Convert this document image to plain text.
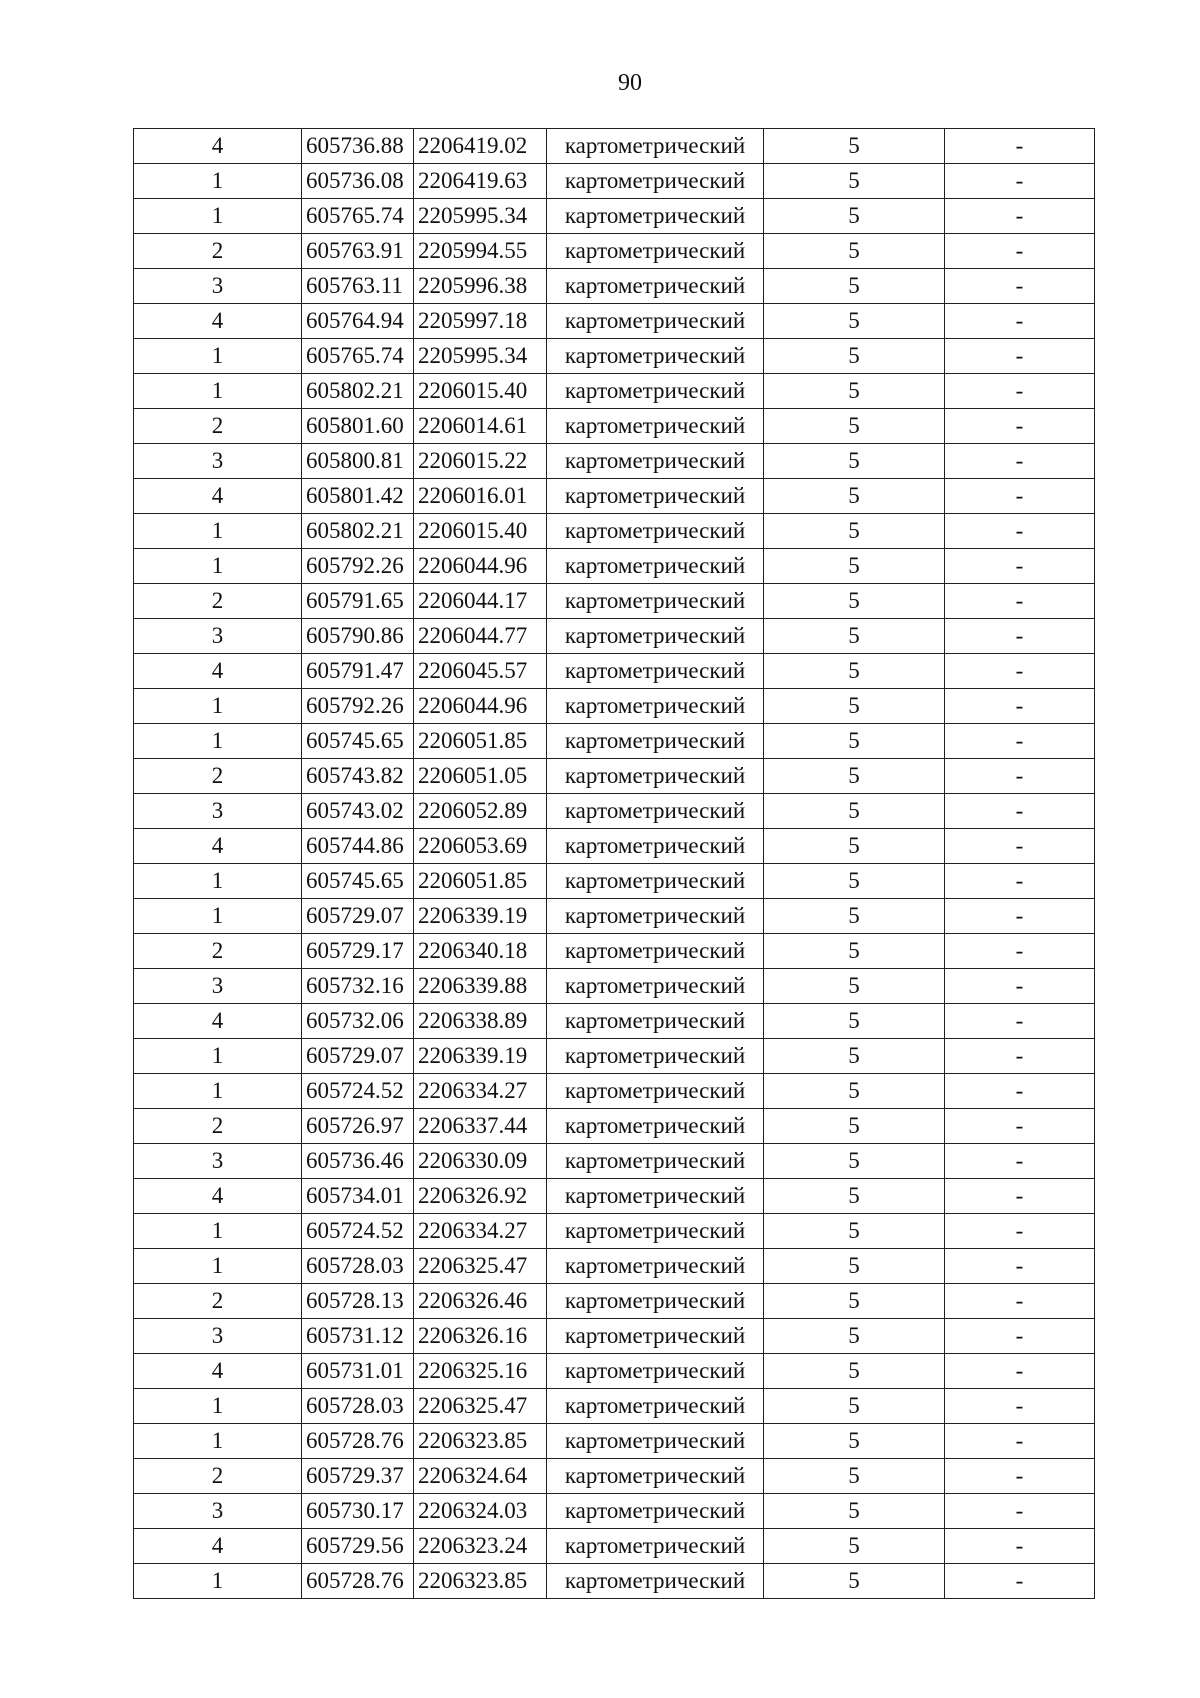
90
4	605736.88	2206419.02	картометрический	5	-
1	605736.08	2206419.63	картометрический	5	-
1	605765.74	2205995.34	картометрический	5	-
2	605763.91	2205994.55	картометрический	5	-
3	605763.11	2205996.38	картометрический	5	-
4	605764.94	2205997.18	картометрический	5	-
1	605765.74	2205995.34	картометрический	5	-
1	605802.21	2206015.40	картометрический	5	-
2	605801.60	2206014.61	картометрический	5	-
3	605800.81	2206015.22	картометрический	5	-
4	605801.42	2206016.01	картометрический	5	-
1	605802.21	2206015.40	картометрический	5	-
1	605792.26	2206044.96	картометрический	5	-
2	605791.65	2206044.17	картометрический	5	-
3	605790.86	2206044.77	картометрический	5	-
4	605791.47	2206045.57	картометрический	5	-
1	605792.26	2206044.96	картометрический	5	-
1	605745.65	2206051.85	картометрический	5	-
2	605743.82	2206051.05	картометрический	5	-
3	605743.02	2206052.89	картометрический	5	-
4	605744.86	2206053.69	картометрический	5	-
1	605745.65	2206051.85	картометрический	5	-
1	605729.07	2206339.19	картометрический	5	-
2	605729.17	2206340.18	картометрический	5	-
3	605732.16	2206339.88	картометрический	5	-
4	605732.06	2206338.89	картометрический	5	-
1	605729.07	2206339.19	картометрический	5	-
1	605724.52	2206334.27	картометрический	5	-
2	605726.97	2206337.44	картометрический	5	-
3	605736.46	2206330.09	картометрический	5	-
4	605734.01	2206326.92	картометрический	5	-
1	605724.52	2206334.27	картометрический	5	-
1	605728.03	2206325.47	картометрический	5	-
2	605728.13	2206326.46	картометрический	5	-
3	605731.12	2206326.16	картометрический	5	-
4	605731.01	2206325.16	картометрический	5	-
1	605728.03	2206325.47	картометрический	5	-
1	605728.76	2206323.85	картометрический	5	-
2	605729.37	2206324.64	картометрический	5	-
3	605730.17	2206324.03	картометрический	5	-
4	605729.56	2206323.24	картометрический	5	-
1	605728.76	2206323.85	картометрический	5	-
